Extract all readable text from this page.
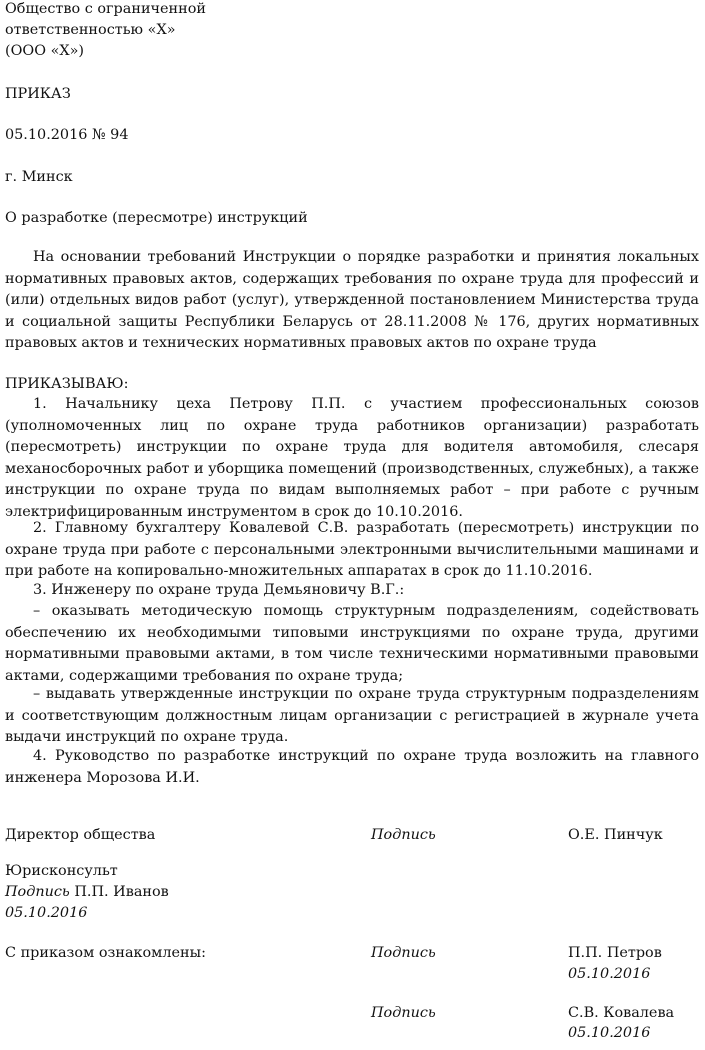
Общество с ограниченной
ответственностью «Х»
(ООО «Х»)
ПРИКАЗ
05.10.2016 № 94
г. Минск
О разработке (пересмотре) инструкций
На основании требований Инструкции о порядке разработки и принятия локальных нормативных правовых актов, содержащих требования по охране труда для профессий и (или) отдельных видов работ (услуг), утвержденной постановлением Министерства труда и социальной защиты Республики Беларусь от 28.11.2008 № 176, других нормативных правовых актов и технических нормативных правовых актов по охране труда
ПРИКАЗЫВАЮ:
1. Начальнику цеха Петрову П.П. с участием профессиональных союзов (уполномоченных лиц по охране труда работников организации) разработать (пересмотреть) инструкции по охране труда для водителя автомобиля, слесаря механосборочных работ и уборщика помещений (производственных, служебных), а также инструкции по охране труда по видам выполняемых работ – при работе с ручным электрифицированным инструментом в срок до 10.10.2016.
2. Главному бухгалтеру Ковалевой С.В. разработать (пересмотреть) инструкции по охране труда при работе с персональными электронными вычислительными машинами и при работе на копировально-множительных аппаратах в срок до 11.10.2016.
3. Инженеру по охране труда Демьяновичу В.Г.:
– оказывать методическую помощь структурным подразделениям, содействовать обеспечению их необходимыми типовыми инструкциями по охране труда, другими нормативными правовыми актами, в том числе техническими нормативными правовыми актами, содержащими требования по охране труда;
– выдавать утвержденные инструкции по охране труда структурным подразделениям и соответствующим должностным лицам организации с регистрацией в журнале учета выдачи инструкций по охране труда.
4. Руководство по разработке инструкций по охране труда возложить на главного инженера Морозова И.И.
Директор общества	Подпись	О.Е. Пинчук
Юрисконсульт
Подпись П.П. Иванов
05.10.2016
С приказом ознакомлены:	Подпись	П.П. Петров
05.10.2016
Подпись	С.В. Ковалева
05.10.2016
